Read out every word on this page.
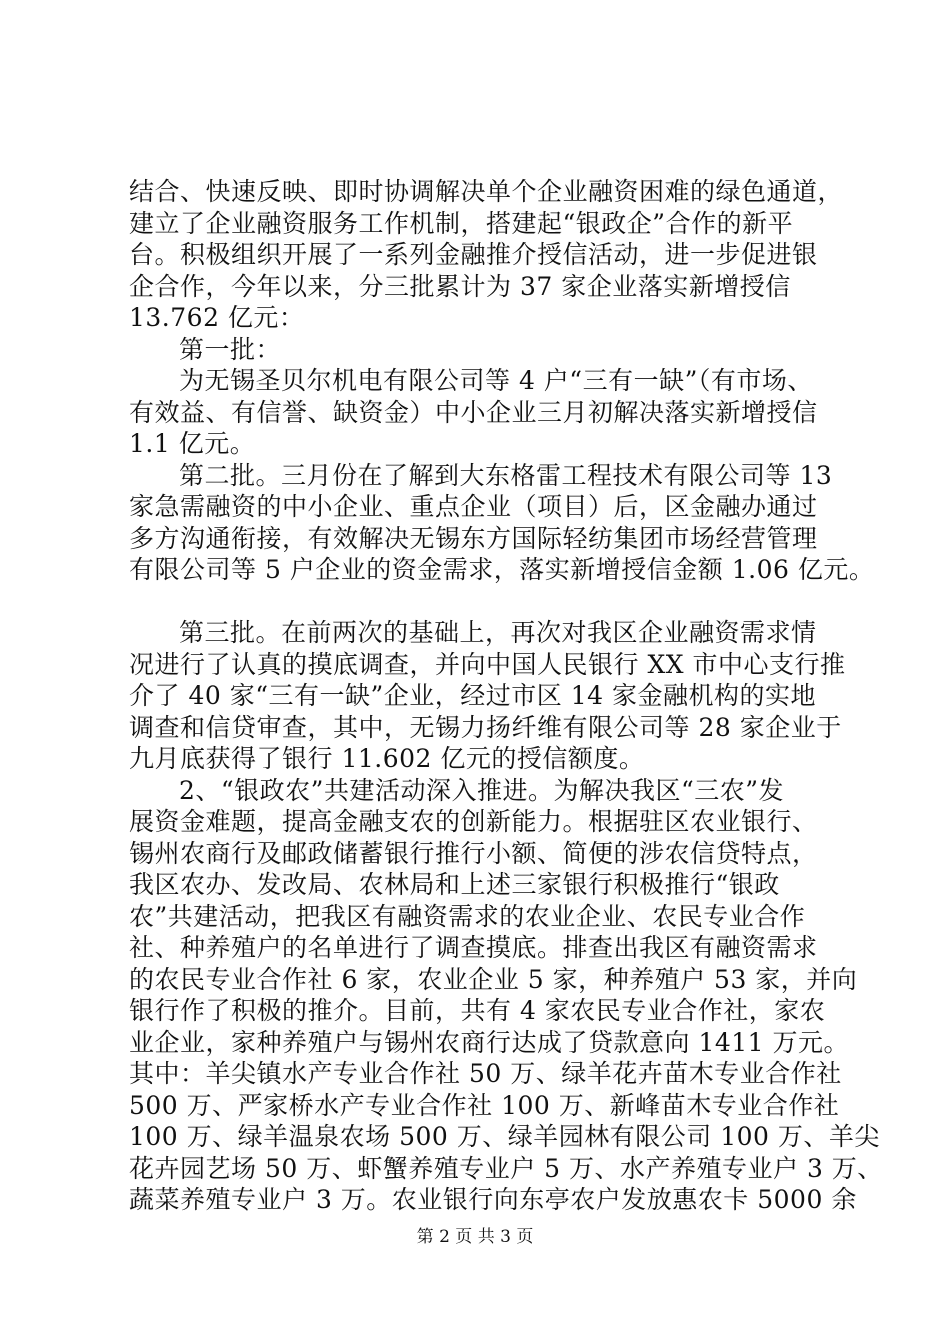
结合、快速反映、即时协调解决单个企业融资困难的绿色通道，
建立了企业融资服务工作机制，搭建起“银政企”合作的新平
台。积极组织开展了一系列金融推介授信活动，进一步促进银
企合作，今年以来，分三批累计为 37 家企业落实新增授信
13.762 亿元：
第一批：
为无锡圣贝尔机电有限公司等 4 户“三有一缺”（有市场、
有效益、有信誉、缺资金）中小企业三月初解决落实新增授信
1.1 亿元。
第二批。三月份在了解到大东格雷工程技术有限公司等 13
家急需融资的中小企业、重点企业（项目）后，区金融办通过
多方沟通衔接，有效解决无锡东方国际轻纺集团市场经营管理
有限公司等 5 户企业的资金需求，落实新增授信金额 1.06 亿元。
第三批。在前两次的基础上，再次对我区企业融资需求情
况进行了认真的摸底调查，并向中国人民银行 XX 市中心支行推
介了 40 家“三有一缺”企业，经过市区 14 家金融机构的实地
调查和信贷审查，其中，无锡力扬纤维有限公司等 28 家企业于
九月底获得了银行 11.602 亿元的授信额度。
2、“银政农”共建活动深入推进。为解决我区“三农”发
展资金难题，提高金融支农的创新能力。根据驻区农业银行、
锡州农商行及邮政储蓄银行推行小额、简便的涉农信贷特点，
我区农办、发改局、农林局和上述三家银行积极推行“银政
农”共建活动，把我区有融资需求的农业企业、农民专业合作
社、种养殖户的名单进行了调查摸底。排查出我区有融资需求
的农民专业合作社 6 家，农业企业 5 家，种养殖户 53 家，并向
银行作了积极的推介。目前，共有 4 家农民专业合作社，家农
业企业，家种养殖户与锡州农商行达成了贷款意向 1411 万元。
其中：羊尖镇水产专业合作社 50 万、绿羊花卉苗木专业合作社
500 万、严家桥水产专业合作社 100 万、新峰苗木专业合作社
100 万、绿羊温泉农场 500 万、绿羊园林有限公司 100 万、羊尖
花卉园艺场 50 万、虾蟹养殖专业户 5 万、水产养殖专业户 3 万、
蔬菜养殖专业户 3 万。农业银行向东亭农户发放惠农卡 5000 余
第 2 页 共 3 页
